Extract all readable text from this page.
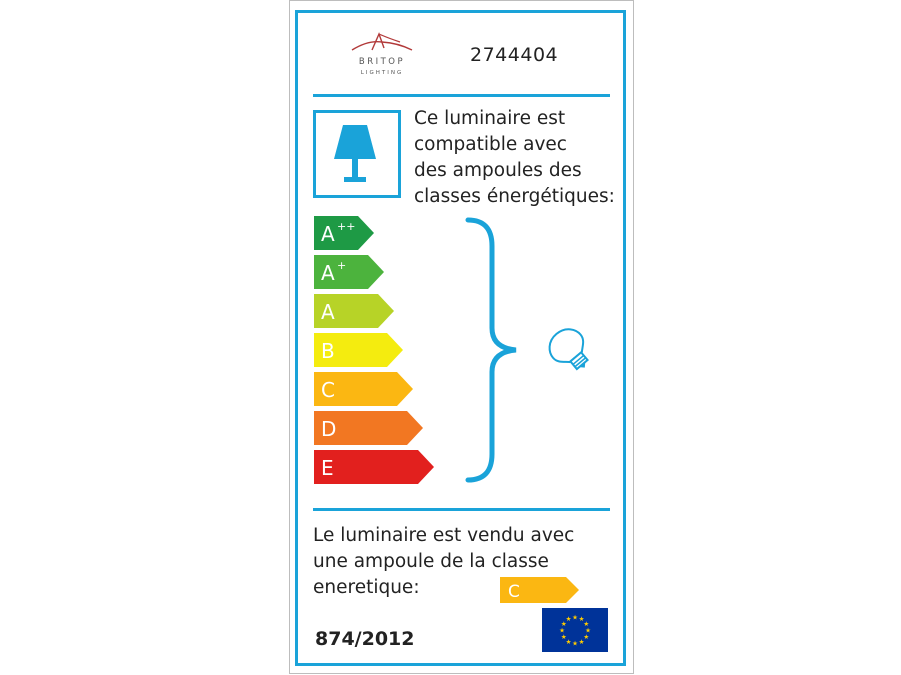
BRITOP
LIGHTING
2744404
Ce luminaire est
compatible avec
des ampoules des
classes énergétiques:
A ++
A +
A
B
C
D
E
Le luminaire est vendu avec
une ampoule de la classe
eneretique:	C
★ ★
★
★
★
★
★
★
★
★
★
★
874/2012
